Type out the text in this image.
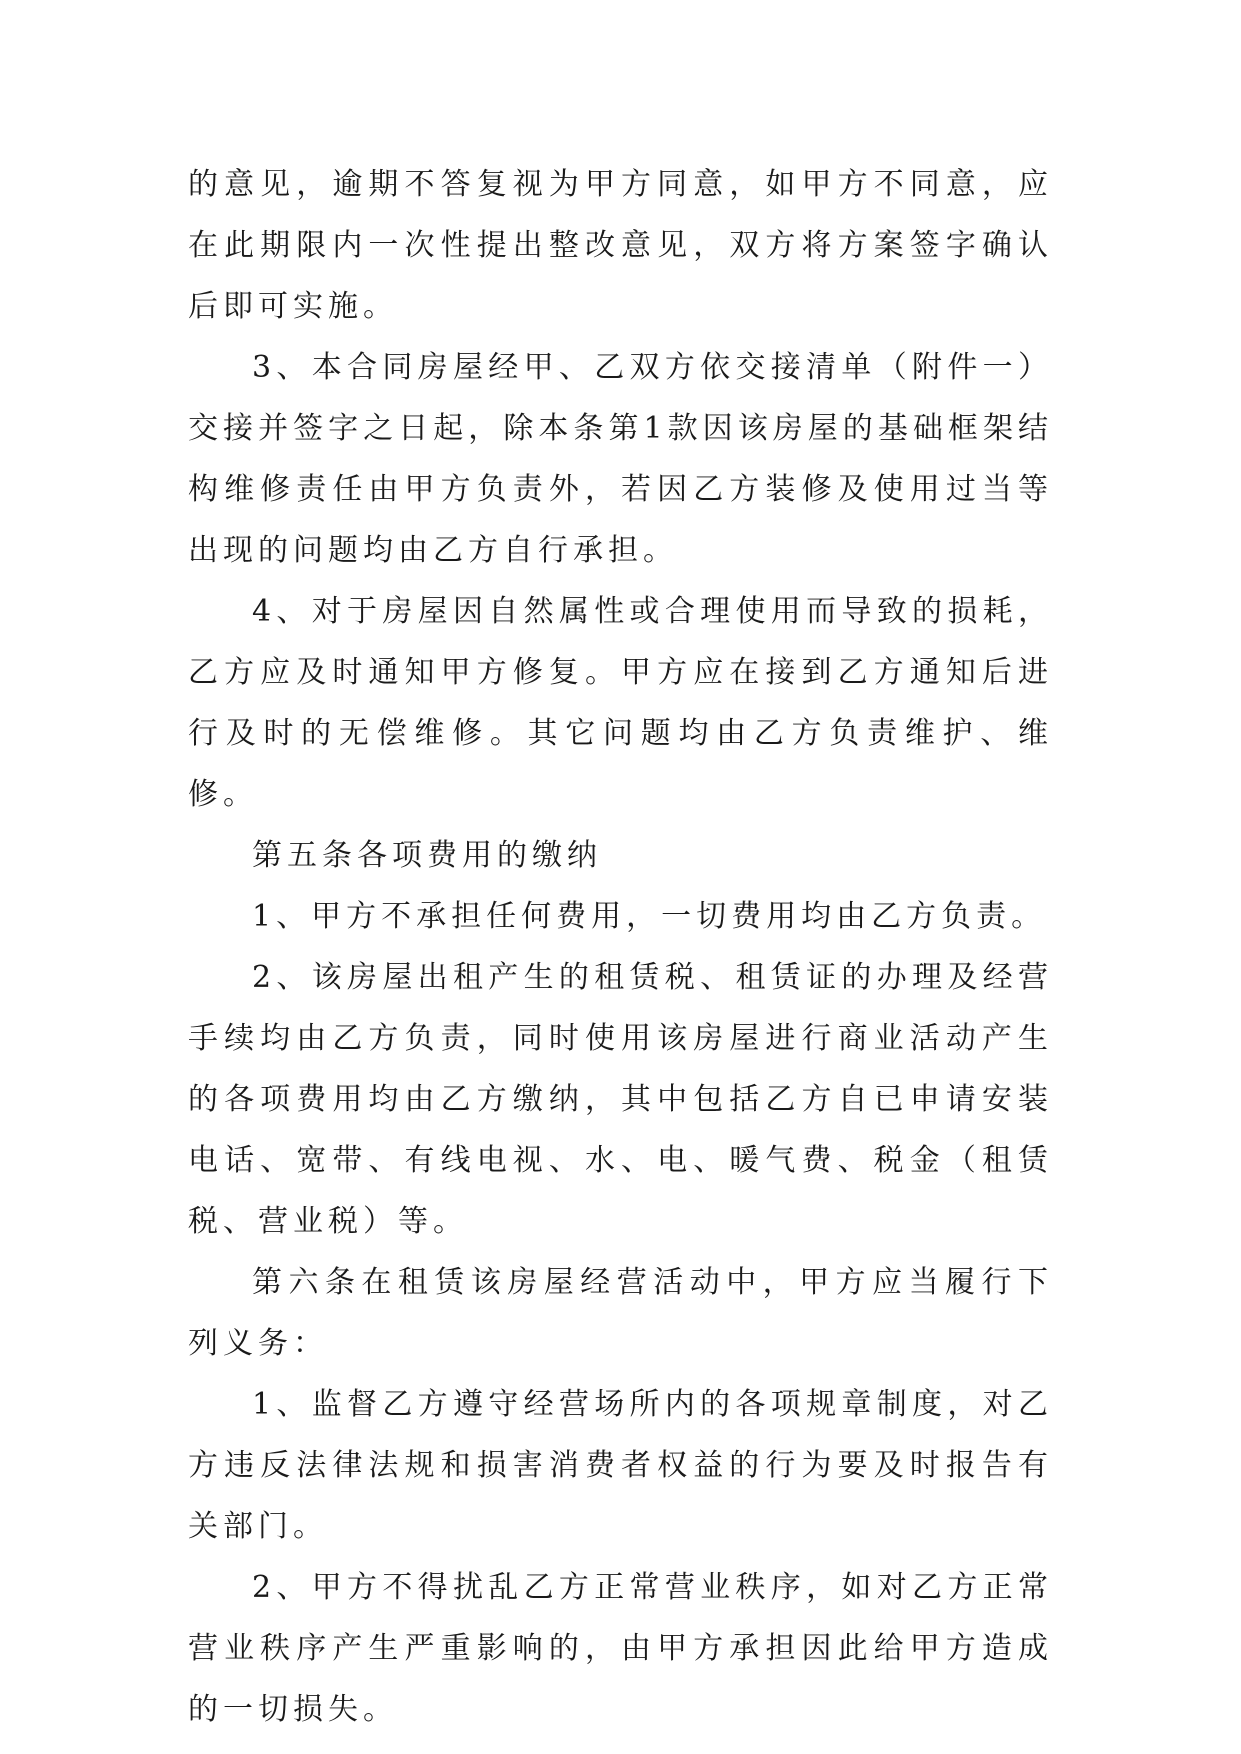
的意见，逾期不答复视为甲方同意，如甲方不同意，应在此期限内一次性提出整改意见，双方将方案签字确认后即可实施。

3、本合同房屋经甲、乙双方依交接清单（附件一）交接并签字之日起，除本条第1款因该房屋的基础框架结构维修责任由甲方负责外，若因乙方装修及使用过当等出现的问题均由乙方自行承担。

4、对于房屋因自然属性或合理使用而导致的损耗，乙方应及时通知甲方修复。甲方应在接到乙方通知后进行及时的无偿维修。其它问题均由乙方负责维护、维修。

第五条各项费用的缴纳

1、甲方不承担任何费用，一切费用均由乙方负责。

2、该房屋出租产生的租赁税、租赁证的办理及经营手续均由乙方负责，同时使用该房屋进行商业活动产生的各项费用均由乙方缴纳，其中包括乙方自已申请安装电话、宽带、有线电视、水、电、暖气费、税金（租赁税、营业税）等。

第六条在租赁该房屋经营活动中，甲方应当履行下列义务：

1、监督乙方遵守经营场所内的各项规章制度，对乙方违反法律法规和损害消费者权益的行为要及时报告有关部门。

2、甲方不得扰乱乙方正常营业秩序，如对乙方正常营业秩序产生严重影响的，由甲方承担因此给甲方造成的一切损失。
